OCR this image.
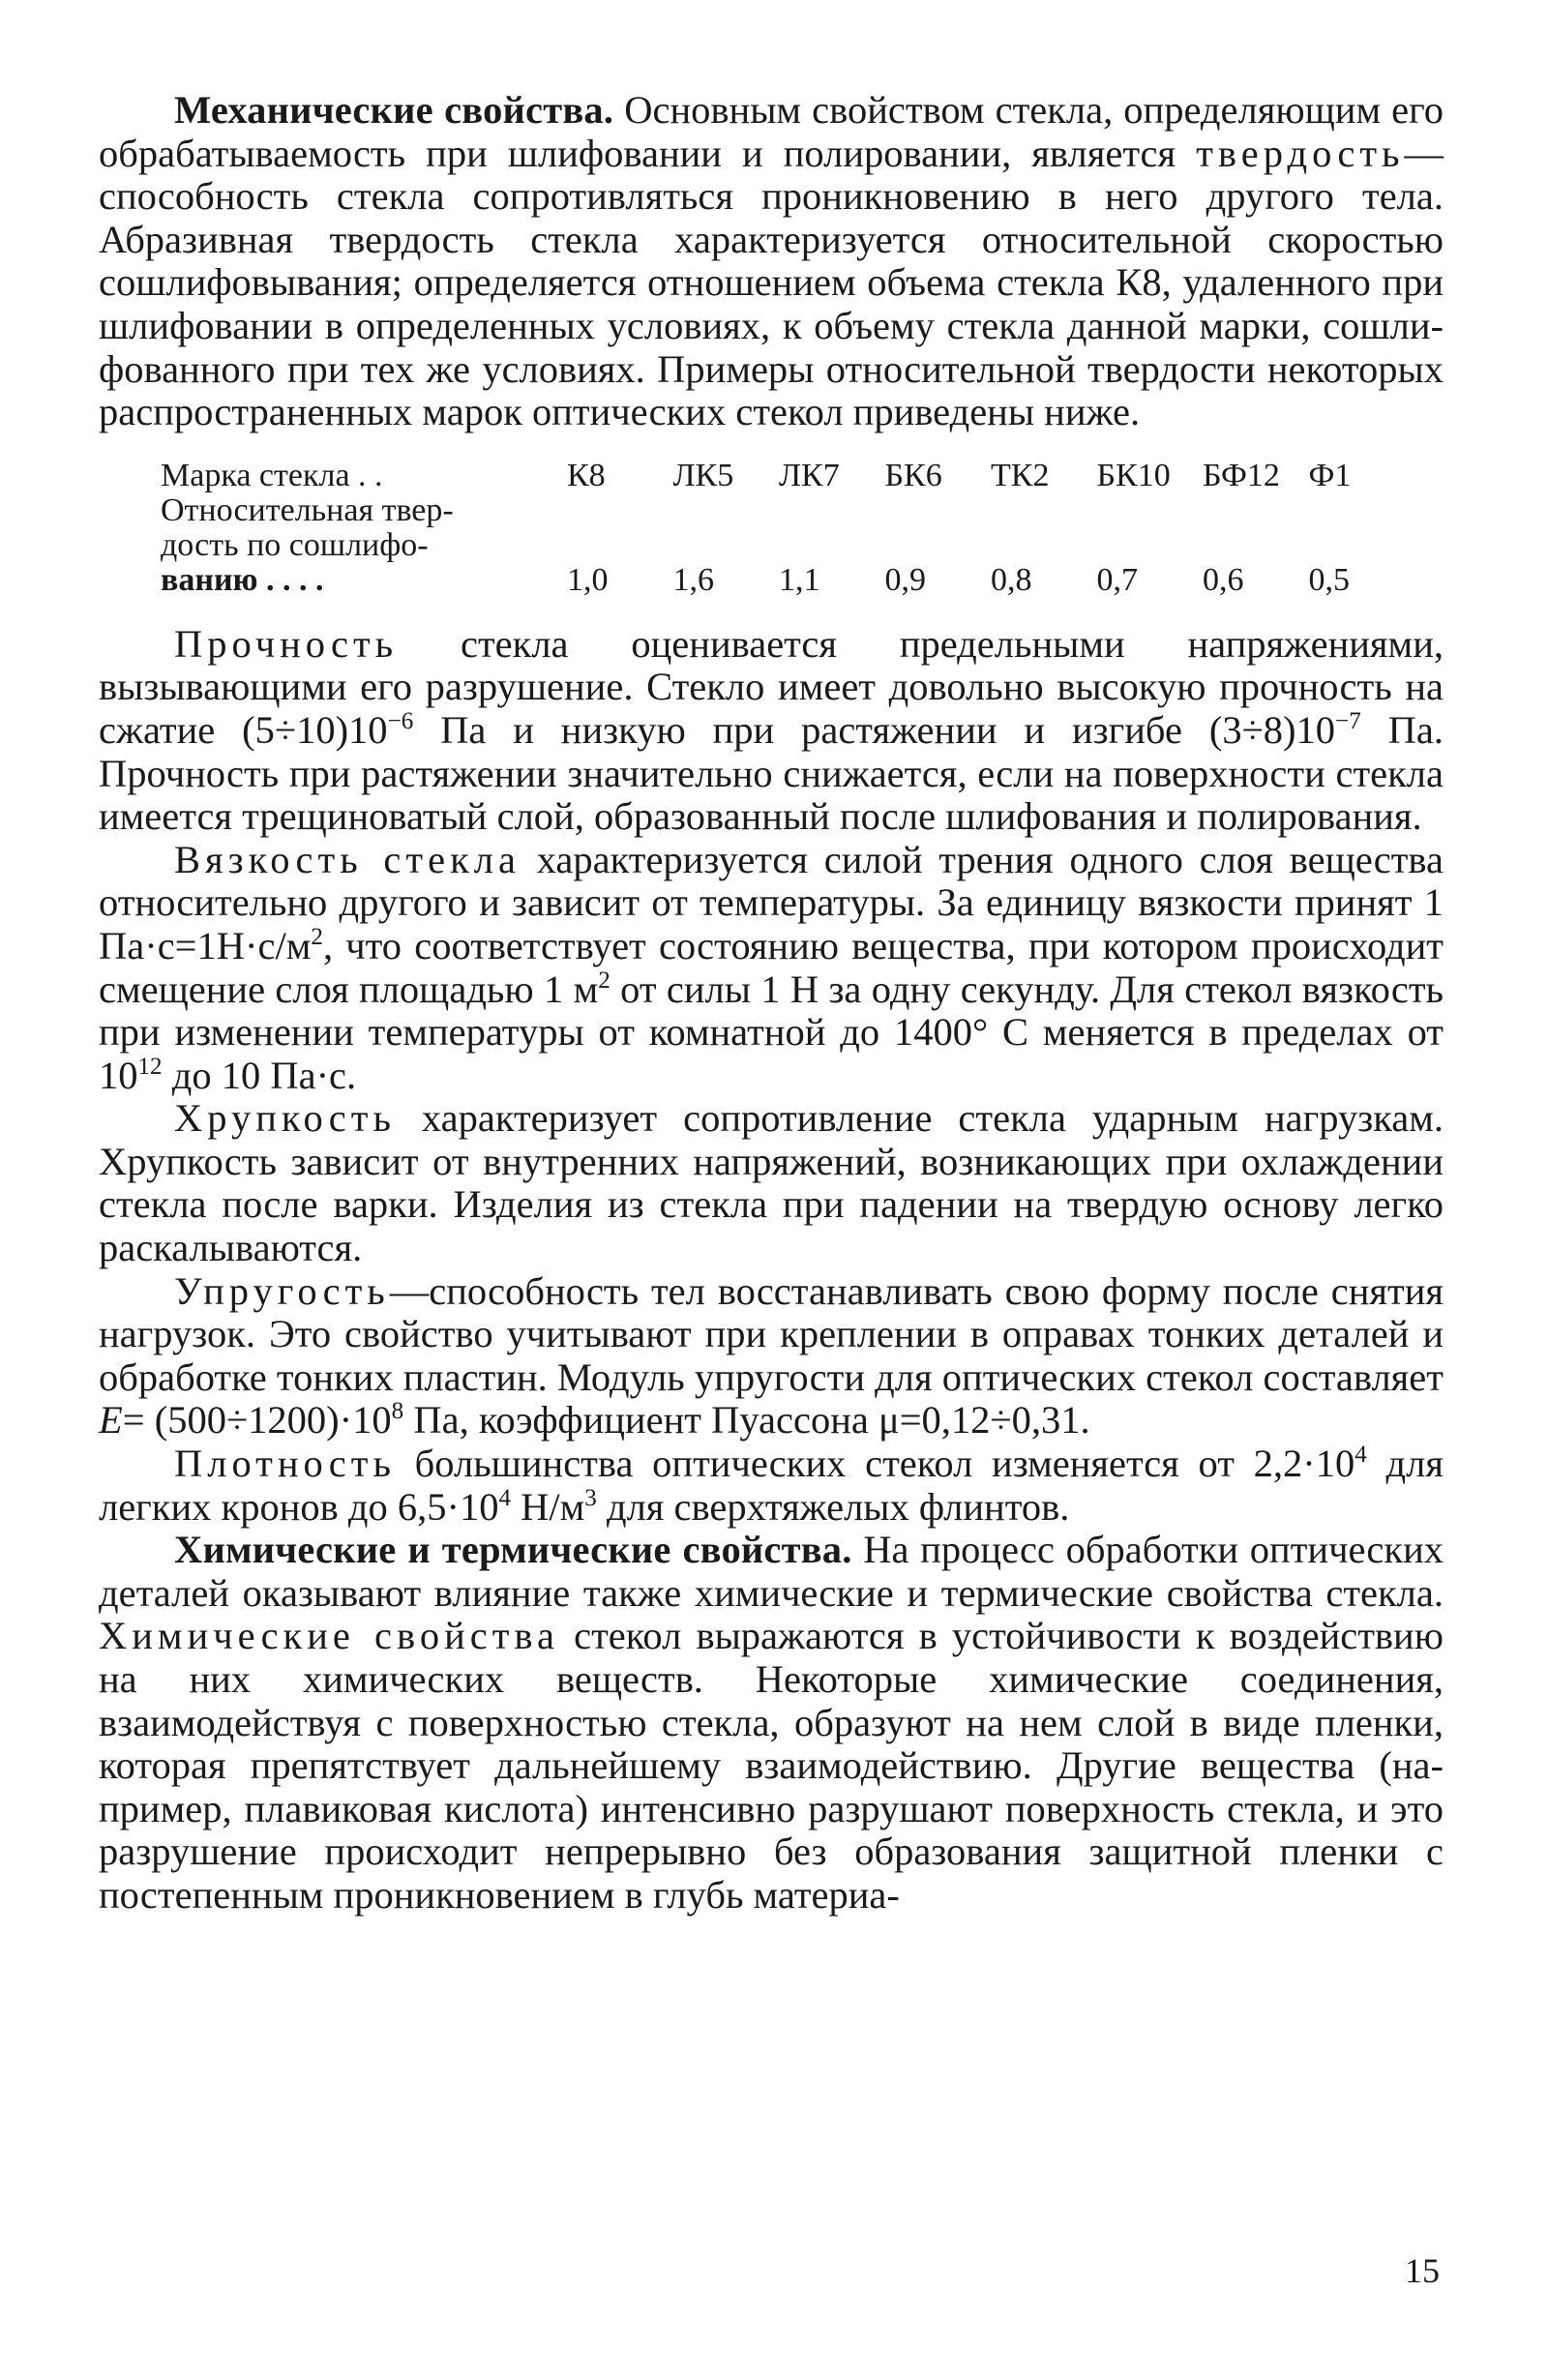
Механические свойства. Основным свойством стекла, определяющим его обрабатываемость при шлифовании и полировании, является твердость—способность стекла сопротивляться проникновению в него другого тела. Абразивная твердость стекла характеризуется относительной скоростью сошлифовывания; определяется отношением объема стекла К8, удаленного при шлифовании в определенных условиях, к объему стекла данной марки, сошлифованного при тех же условиях. Примеры относительной твердости некоторых распространенных марок оптических стекол приведены ниже.

Марка стекла . .	К8	ЛК5	ЛК7	БК6	ТК2	БК10 БФ12 Ф1
Относительная твер-
дость по сошлифо-
ванию . . . .	1,0	1,6	1,1	0,9	0,8	0,7	0,6	0,5

Прочность стекла оценивается предельными напряжениями, вызывающими его разрушение. Стекло имеет довольно высокую прочность на сжатие $(5\div 10)10^{-6}$ Па и низкую при растяжении и изгибе $(3\div 8)10^{-7}$ Па. Прочность при растяжении значительно снижается, если на поверхности стекла имеется трещиноватый слой, образованный после шлифования и полирования.

Вязкость стекла характеризуется силой трения одного слоя вещества относительно другого и зависит от температуры. За единицу вязкости принят 1 $Па\cdot с=1Н\cdot с/м^2$, что соответствует состоянию вещества, при котором происходит смещение слоя площадью 1 $м^2$ от силы 1 Н за одну секунду. Для стекол вязкость при изменении температуры от комнатной до 1400° С меняется в пределах от $10^{12}$ до 10 Па·с.

Хрупкость характеризует сопротивление стекла ударным нагрузкам. Хрупкость зависит от внутренних напряжений, возникающих при охлаждении стекла после варки. Изделия из стекла при падении на твердую основу легко раскалываются.

Упругость—способность тел восстанавливать свою форму после снятия нагрузок. Это свойство учитывают при креплении в оправах тонких деталей и обработке тонких пластин. Модуль упругости для оптических стекол составляет $E= (500\div 1200)\cdot 10^8$ Па, коэффициент Пуассона μ=0,12÷0,31.

Плотность большинства оптических стекол изменяется от $2,2\cdot 10^4$ для легких кронов до $6,5\cdot 10^4$ $Н/м^3$ для сверхтяжелых флинтов.

Химические и термические свойства. На процесс обработки оптических деталей оказывают влияние также химические и термические свойства стекла. Химические свойства стекол выражаются в устойчивости к воздействию на них химических веществ. Некоторые химические соединения, взаимодействуя с поверхностью стекла, образуют на нем слой в виде пленки, которая препятствует дальнейшему взаимодействию. Другие вещества (например, плавиковая кислота) интенсивно разрушают поверхность стекла, и это разрушение происходит непрерывно без образования защитной пленки с постепенным проникновением в глубь материа-

15
